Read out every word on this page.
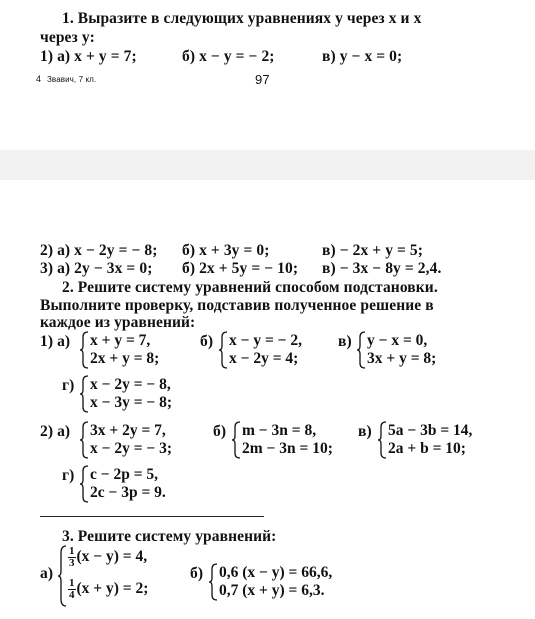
1. Выразите в следующих уравнениях y через x и x
через y:
1) а) x + y = 7;	б) x − y = − 2;	в) y − x = 0;
4 Звавич, 7 кл.	97
2) а) x − 2y = − 8; б) x + 3y = 0;	в) − 2x + y = 5;
3) а) 2y − 3x = 0; б) 2x + 5y = − 10; в) − 3x − 8y = 2,4.
2. Решите систему уравнений способом подстановки.
Выполните проверку, подставив полученное решение в
каждое из уравнений:
1) а) x + y = 7,
2x + y = 8;
б) x − y = − 2,
x − 2y = 4;
в) y − x = 0,
3x + y = 8;
г) x − 2y = − 8,
x − 3y = − 8;
2) а) 3x + 2y = 7,
x − 2y = − 3;
б) m − 3n = 8,
2m − 3n = 10;
в) 5a − 3b = 14,
2a + b = 10;
г) c − 2p = 5,
2c − 3p = 9.
3. Решите систему уравнений:
а)
$\frac{1}{3} (x - y) = 4$,
$\frac{1}{4} (x + y) = 2$;
б) 0,6 (x − y) = 66,6,
0,7 (x + y) = 6,3.
